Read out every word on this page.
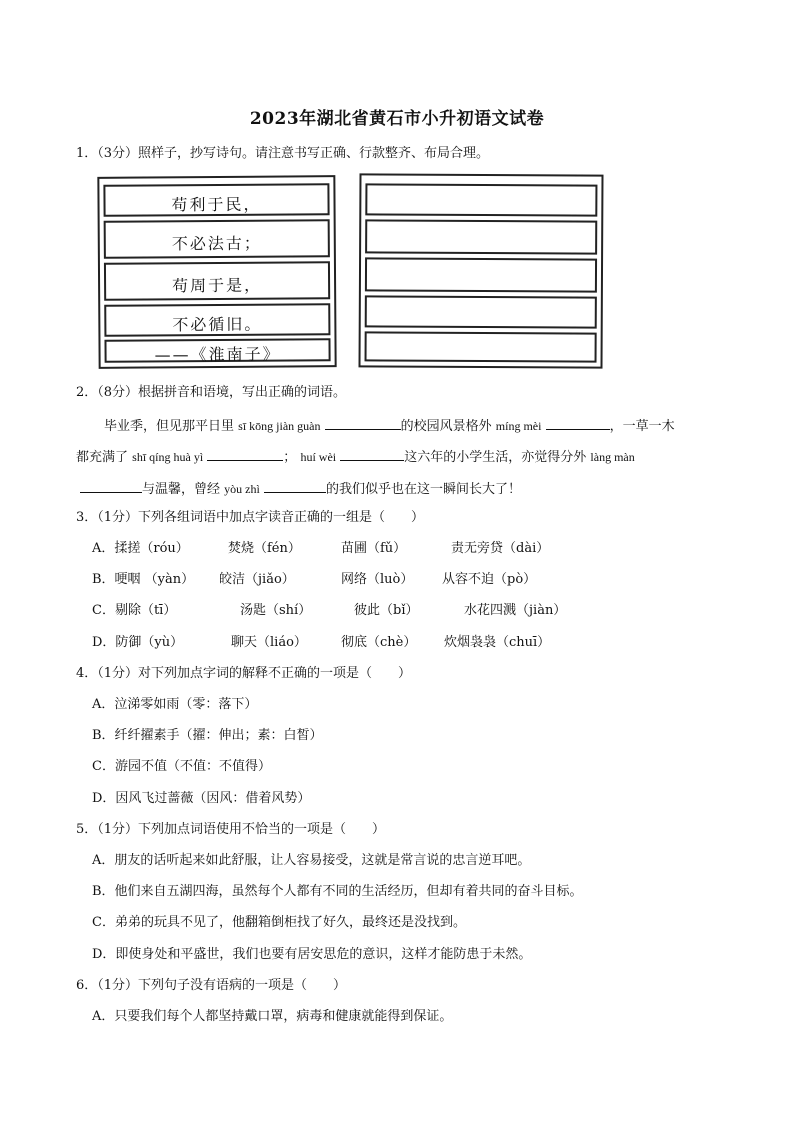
2023年湖北省黄石市小升初语文试卷
1．（3分）照样子，抄写诗句。请注意书写正确、行款整齐、布局合理。
苟利于民，
不必法古；
苟周于是，
不必循旧。
——《淮南子》
2．（8分）根据拼音和语境，写出正确的词语。
毕业季，但见那平日里 sī kōng jiàn guàn	的校园风景格外 míng mèi	，一草一木
都充满了 shī qíng huà yì	； huí wèi	这六年的小学生活，亦觉得分外 làng màn
与温馨，曾经 yòu zhì	的我们似乎也在这一瞬间长大了！
3．（1分）下列各组词语中加点字读音正确的一组是（　　）
A．揉搓（róu）	焚烧（fén）	苗圃（fǔ）	责无旁贷（dài）
B．哽咽 （yàn） 皎洁（jiǎo）	网络（luò） 从容不迫（pò）
C．剔除（tī）	汤匙（shí）	彼此（bǐ）	水花四溅（jiàn）
D．防御（yù）	聊天（liáo）	彻底（chè） 炊烟袅袅（chuī）
4．（1分）对下列加点字词的解释不正确的一项是（　　）
A．泣涕零如雨（零：落下）
B．纤纤擢素手（擢：伸出；素：白皙）
C．游园不值（不值：不值得）
D．因风飞过蔷薇（因风：借着风势）
5．（1分）下列加点词语使用不恰当的一项是（　　）
A．朋友的话听起来如此舒服，让人容易接受，这就是常言说的忠言逆耳吧。
B．他们来自五湖四海，虽然每个人都有不同的生活经历，但却有着共同的奋斗目标。
C．弟弟的玩具不见了，他翻箱倒柜找了好久，最终还是没找到。
D．即使身处和平盛世，我们也要有居安思危的意识，这样才能防患于未然。
6．（1分）下列句子没有语病的一项是（　　）
A．只要我们每个人都坚持戴口罩，病毒和健康就能得到保证。
